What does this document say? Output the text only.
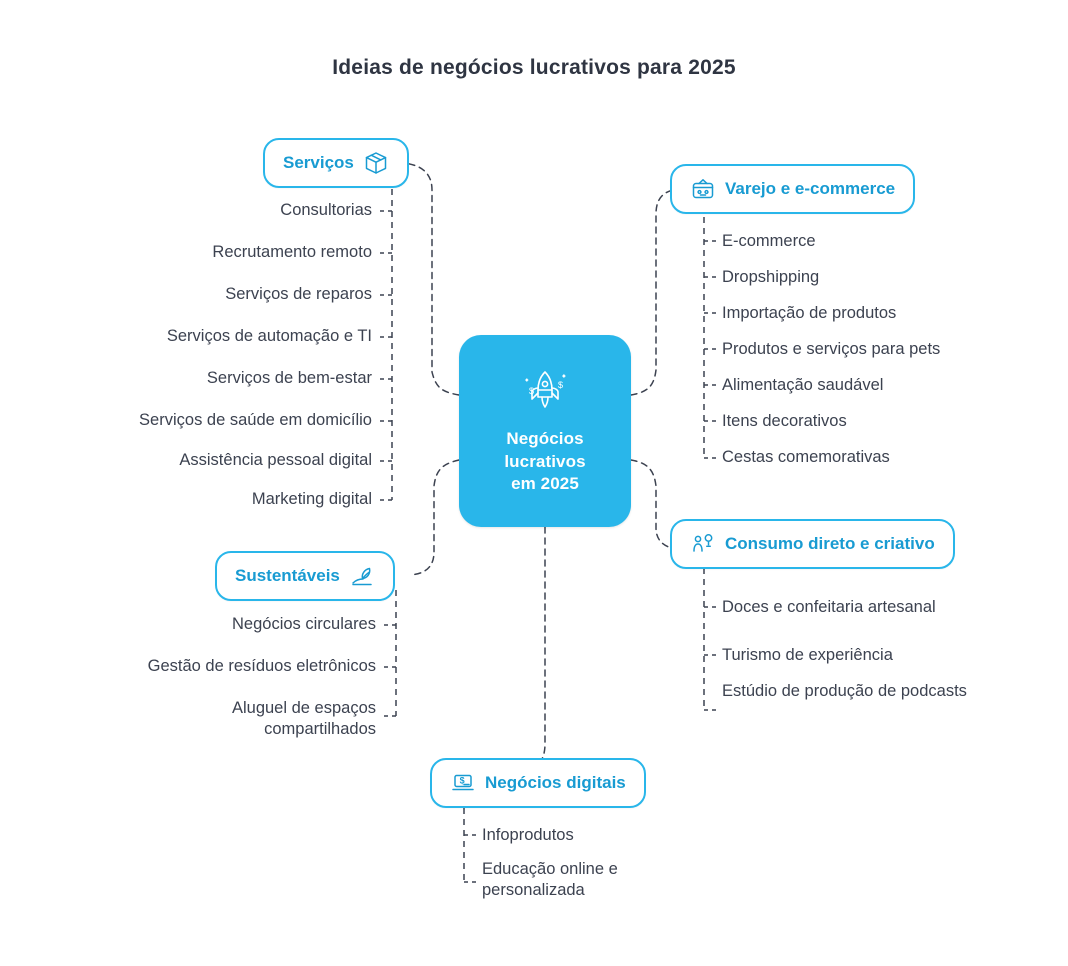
Ideias de negócios lucrativos para 2025
$
$
Negócios
lucrativos
em 2025
Serviços
Consultorias
Recrutamento remoto
Serviços de reparos
Serviços de automação e TI
Serviços de bem-estar
Serviços de saúde em domicílio
Assistência pessoal digital
Marketing digital
Sustentáveis
Negócios circulares
Gestão de resíduos eletrônicos
Aluguel de espaços compartilhados
Varejo e e-commerce
E-commerce
Dropshipping
Importação de produtos
Produtos e serviços para pets
Alimentação saudável
Itens decorativos
Cestas comemorativas
Consumo direto e criativo
Doces e confeitaria artesanal
Turismo de experiência
Estúdio de produção de podcasts
$ Negócios digitais
Infoprodutos
Educação online e personalizada
